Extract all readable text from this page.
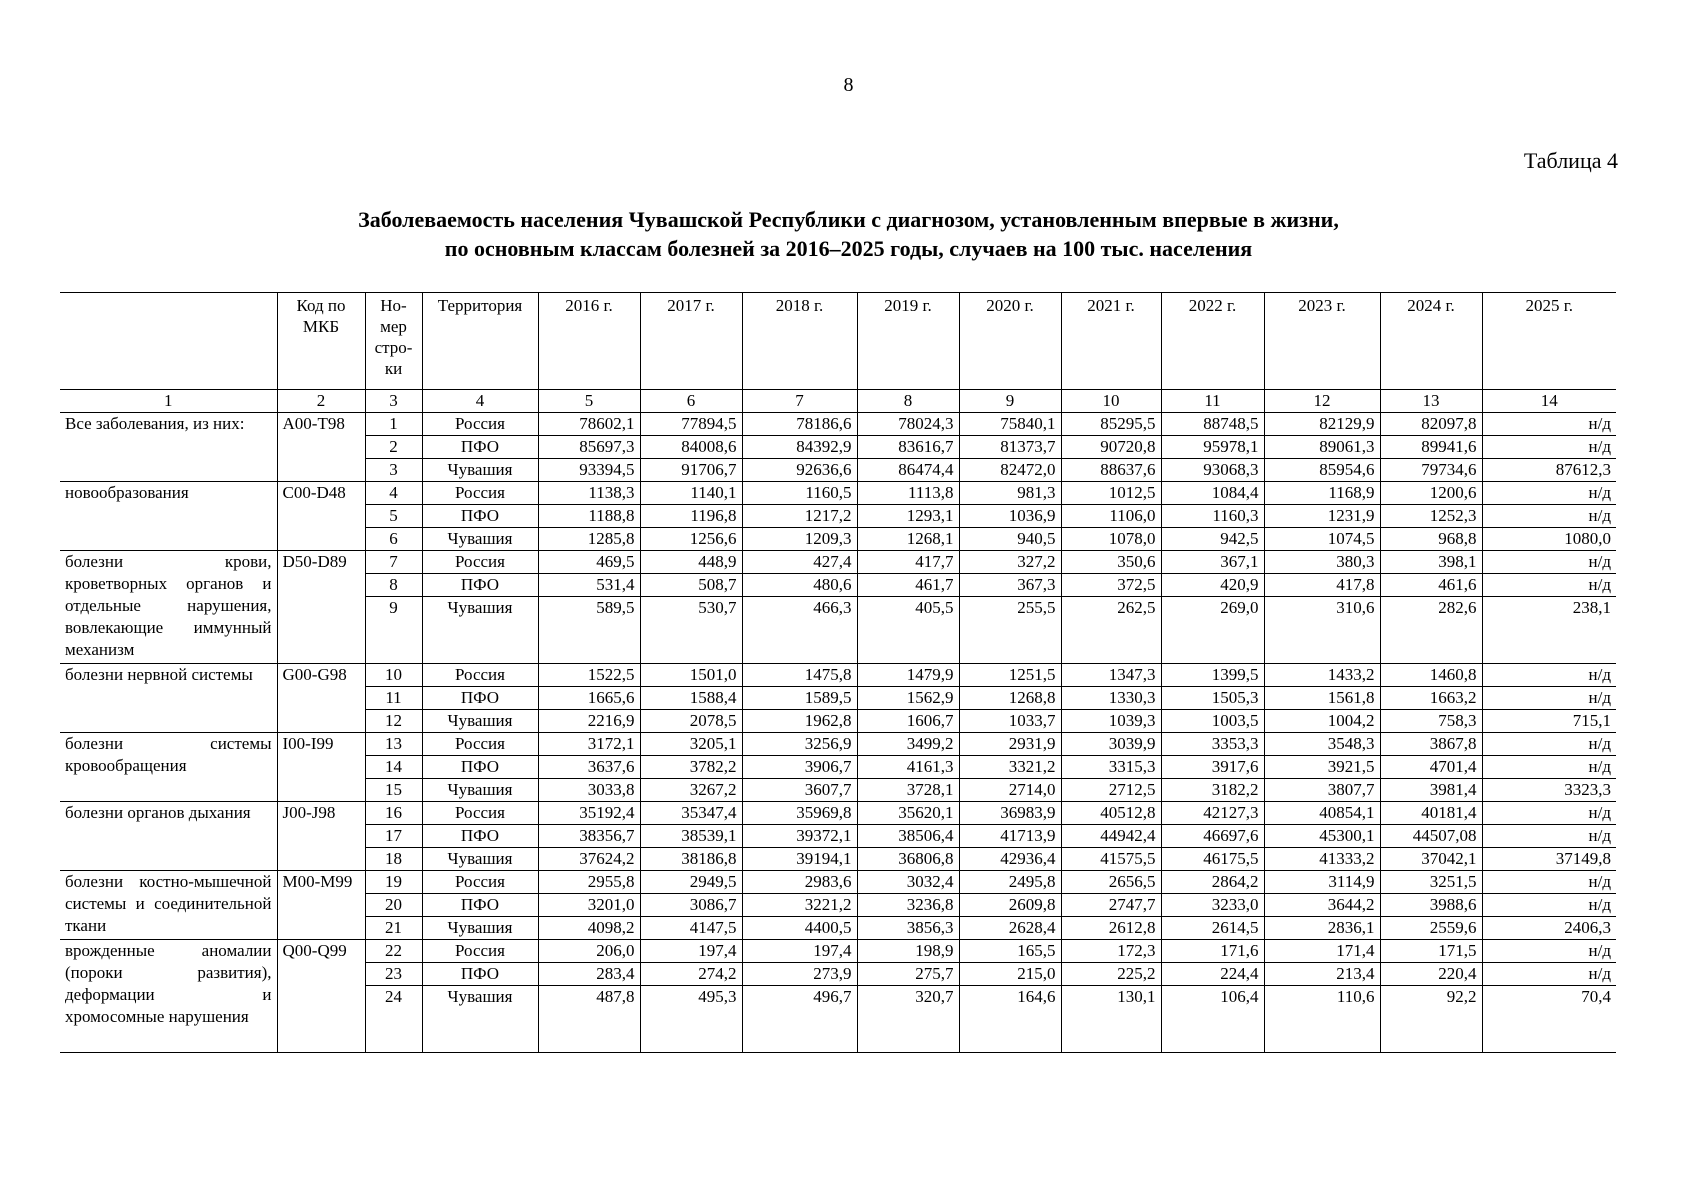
8
Таблица 4
Заболеваемость населения Чувашской Республики с диагнозом, установленным впервые в жизни,
по основным классам болезней за 2016–2025 годы, случаев на 100 тыс. населения
	Код по МКБ	Но-
мер
стро-
ки	Территория	2016 г.	2017 г.	2018 г.	2019 г.	2020 г.	2021 г.	2022 г.	2023 г.	2024 г.	2025 г.
1	2	3	4	5	6	7	8	9	10	11	12	13	14
Все заболевания, из них:	A00-T98	1	Россия	78602,1	77894,5	78186,6	78024,3	75840,1	85295,5	88748,5	82129,9	82097,8	н/д
		2	ПФО	85697,3	84008,6	84392,9	83616,7	81373,7	90720,8	95978,1	89061,3	89941,6	н/д
		3	Чувашия	93394,5	91706,7	92636,6	86474,4	82472,0	88637,6	93068,3	85954,6	79734,6	87612,3
новообразования	C00-D48	4	Россия	1138,3	1140,1	1160,5	1113,8	981,3	1012,5	1084,4	1168,9	1200,6	н/д
		5	ПФО	1188,8	1196,8	1217,2	1293,1	1036,9	1106,0	1160,3	1231,9	1252,3	н/д
		6	Чувашия	1285,8	1256,6	1209,3	1268,1	940,5	1078,0	942,5	1074,5	968,8	1080,0
болезни крови, кроветворных органов и отдельные нарушения, вовлекающие иммунный механизм	D50-D89	7	Россия	469,5	448,9	427,4	417,7	327,2	350,6	367,1	380,3	398,1	н/д
		8	ПФО	531,4	508,7	480,6	461,7	367,3	372,5	420,9	417,8	461,6	н/д
		9	Чувашия	589,5	530,7	466,3	405,5	255,5	262,5	269,0	310,6	282,6	238,1
болезни нервной системы	G00-G98	10	Россия	1522,5	1501,0	1475,8	1479,9	1251,5	1347,3	1399,5	1433,2	1460,8	н/д
		11	ПФО	1665,6	1588,4	1589,5	1562,9	1268,8	1330,3	1505,3	1561,8	1663,2	н/д
		12	Чувашия	2216,9	2078,5	1962,8	1606,7	1033,7	1039,3	1003,5	1004,2	758,3	715,1
болезни системы кровообращения	I00-I99	13	Россия	3172,1	3205,1	3256,9	3499,2	2931,9	3039,9	3353,3	3548,3	3867,8	н/д
		14	ПФО	3637,6	3782,2	3906,7	4161,3	3321,2	3315,3	3917,6	3921,5	4701,4	н/д
		15	Чувашия	3033,8	3267,2	3607,7	3728,1	2714,0	2712,5	3182,2	3807,7	3981,4	3323,3
болезни органов дыхания	J00-J98	16	Россия	35192,4	35347,4	35969,8	35620,1	36983,9	40512,8	42127,3	40854,1	40181,4	н/д
		17	ПФО	38356,7	38539,1	39372,1	38506,4	41713,9	44942,4	46697,6	45300,1	44507,08	н/д
		18	Чувашия	37624,2	38186,8	39194,1	36806,8	42936,4	41575,5	46175,5	41333,2	37042,1	37149,8
болезни костно-мышечной системы и соединительной ткани	M00-M99	19	Россия	2955,8	2949,5	2983,6	3032,4	2495,8	2656,5	2864,2	3114,9	3251,5	н/д
		20	ПФО	3201,0	3086,7	3221,2	3236,8	2609,8	2747,7	3233,0	3644,2	3988,6	н/д
		21	Чувашия	4098,2	4147,5	4400,5	3856,3	2628,4	2612,8	2614,5	2836,1	2559,6	2406,3
врожденные аномалии (пороки развития), деформации и хромосомные нарушения	Q00-Q99	22	Россия	206,0	197,4	197,4	198,9	165,5	172,3	171,6	171,4	171,5	н/д
		23	ПФО	283,4	274,2	273,9	275,7	215,0	225,2	224,4	213,4	220,4	н/д
		24	Чувашия	487,8	495,3	496,7	320,7	164,6	130,1	106,4	110,6	92,2	70,4
